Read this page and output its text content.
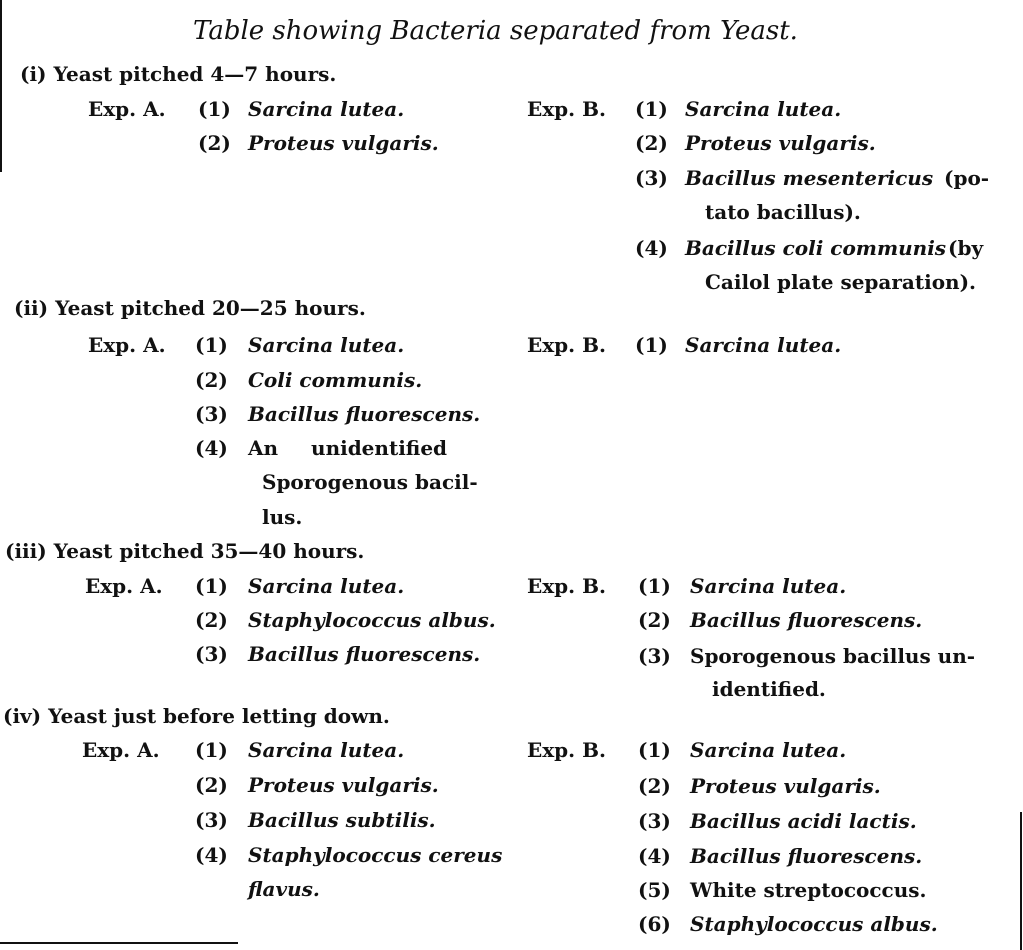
Table showing Bacteria separated from Yeast.
(i) Yeast pitched 4—7 hours.
Exp. A. (1) Sarcina lutea.
(2) Proteus vulgaris.
Exp. B. (1) Sarcina lutea.
(2) Proteus vulgaris.
(3) Bacillus mesentericus (po-
tato bacillus).
(4) Bacillus coli communis (by
Cailol plate separation).
(ii) Yeast pitched 20—25 hours.
Exp. A. (1) Sarcina lutea.
(2) Coli communis.
(3) Bacillus fluorescens.
(4) An unidentified
Sporogenous bacil-
lus.
Exp. B. (1) Sarcina lutea.
(iii) Yeast pitched 35—40 hours.
Exp. A. (1) Sarcina lutea.
(2) Staphylococcus albus.
(3) Bacillus fluorescens.
Exp. B. (1) Sarcina lutea.
(2) Bacillus fluorescens.
(3) Sporogenous bacillus un-
identified.
(iv) Yeast just before letting down.
Exp. A. (1) Sarcina lutea.
(2) Proteus vulgaris.
(3) Bacillus subtilis.
(4) Staphylococcus cereus
flavus.
Exp. B. (1) Sarcina lutea.
(2) Proteus vulgaris.
(3) Bacillus acidi lactis.
(4) Bacillus fluorescens.
(5) White streptococcus.
(6) Staphylococcus albus.
